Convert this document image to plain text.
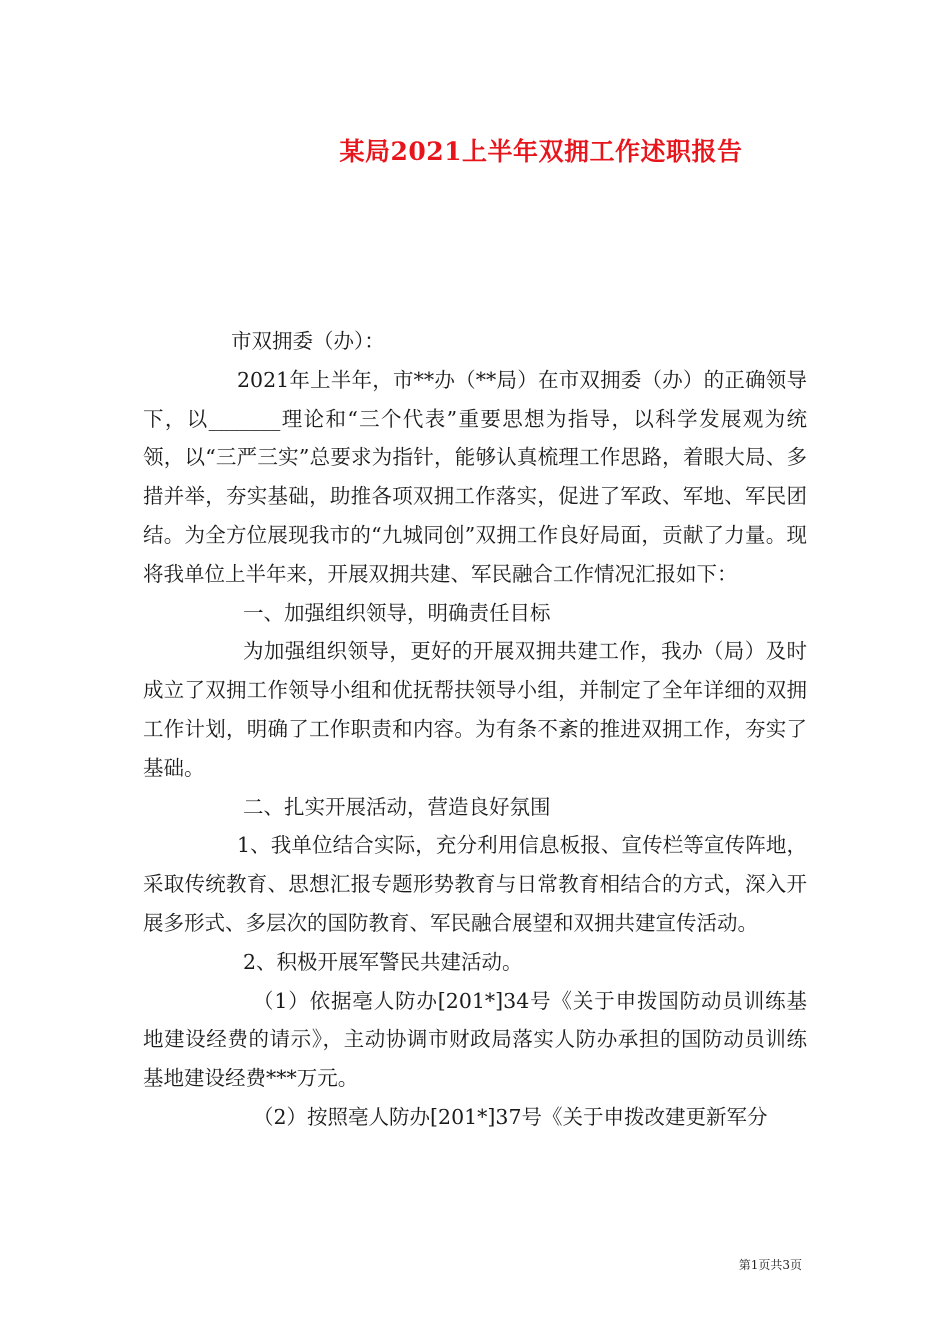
某局2021上半年双拥工作述职报告

市双拥委（办）：

2021年上半年，市**办（**局）在市双拥委（办）的正确领导下，以_______理论和“三个代表”重要思想为指导，以科学发展观为统领，以“三严三实”总要求为指针，能够认真梳理工作思路，着眼大局、多措并举，夯实基础，助推各项双拥工作落实，促进了军政、军地、军民团结。为全方位展现我市的“九城同创”双拥工作良好局面，贡献了力量。现将我单位上半年来，开展双拥共建、军民融合工作情况汇报如下：

一、加强组织领导，明确责任目标

为加强组织领导，更好的开展双拥共建工作，我办（局）及时成立了双拥工作领导小组和优抚帮扶领导小组，并制定了全年详细的双拥工作计划，明确了工作职责和内容。为有条不紊的推进双拥工作，夯实了基础。

二、扎实开展活动，营造良好氛围

1、我单位结合实际，充分利用信息板报、宣传栏等宣传阵地，采取传统教育、思想汇报专题形势教育与日常教育相结合的方式，深入开展多形式、多层次的国防教育、军民融合展望和双拥共建宣传活动。

2、积极开展军警民共建活动。

（1）依据亳人防办[201*]34号《关于申拨国防动员训练基地建设经费的请示》，主动协调市财政局落实人防办承担的国防动员训练基地建设经费***万元。

（2）按照亳人防办[201*]37号《关于申拨改建更新军分

第1页共3页
